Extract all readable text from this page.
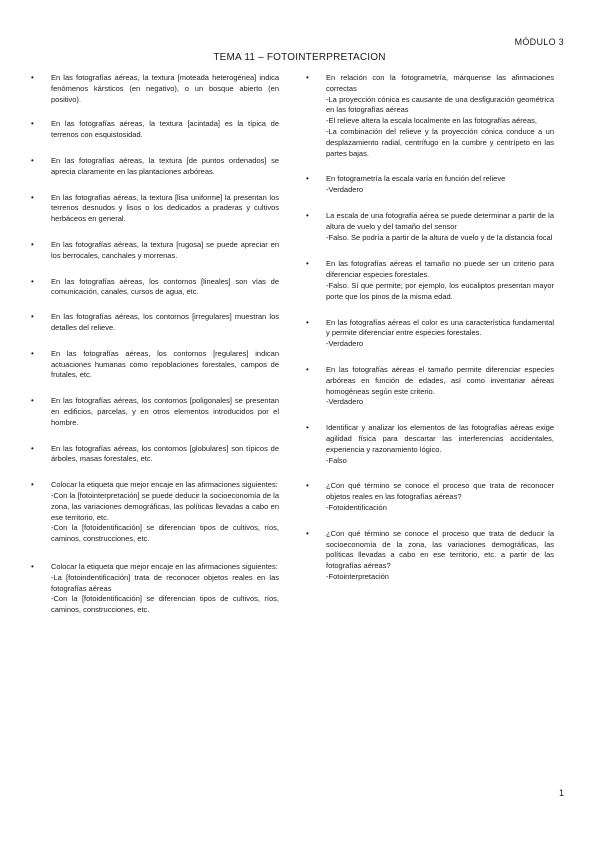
MÓDULO 3
TEMA 11 – FOTOINTERPRETACION
• En las fotografías aéreas, la textura [moteada heterogénea] indica fenómenos kársticos (en negativo), o un bosque abierto (en positivo).
• En las fotografías aéreas, la textura [acintada] es la típica de terrenos con esquistosidad.
• En las fotografías aéreas, la textura [de puntos ordenados] se aprecia claramente en las plantaciones arbóreas.
• En las fotografías aéreas, la textura [lisa uniforme] la presentan los terrenos desnudos y lisos o los dedicados a praderas y cultivos herbáceos en general.
• En las fotografías aéreas, la textura [rugosa] se puede apreciar en los berrocales, canchales y morrenas.
• En las fotografías aéreas, los contornos [lineales] son vías de comunicación, canales, cursos de agua, etc.
• En las fotografías aéreas, los contornos [irregulares] muestran los detalles del relieve.
• En las fotografías aéreas, los contornos [regulares] indican actuaciones humanas como repoblaciones forestales, campos de frutales, etc.
• En las fotografías aéreas, los contornos [poligonales] se presentan en edificios, parcelas, y en otros elementos introducidos por el hombre.
• En las fotografías aéreas, los contornos [globulares] son típicos de árboles, masas forestales, etc.
• Colocar la etiqueta que mejor encaje en las afirmaciones siguientes:
-Con la [fotointerpretación] se puede deducir la socioeconomía de la zona, las variaciones demográficas, las políticas llevadas a cabo en ese territorio, etc.
-Con la [fotoidentificación] se diferencian tipos de cultivos, ríos, caminos, construcciones, etc.
• Colocar la etiqueta que mejor encaje en las afirmaciones siguientes:
-La [fotoindentificación] trata de reconocer objetos reales en las fotografías aéreas
-Con la [fotoidentificación] se diferencian tipos de cultivos, ríos, caminos, construcciones, etc.
• En relación con la fotogrametría, márquense las afirmaciones correctas
-La proyección cónica es causante de una desfiguración geométrica en las fotografías aéreas
-El relieve altera la escala localmente en las fotografías aéreas,
-La combinación del relieve y la proyección cónica conduce a un desplazamiento radial, centrífugo en la cumbre y centrípeto en las partes bajas.
• En fotogrametría la escala varía en función del relieve
-Verdadero
• La escala de una fotografía aérea se puede determinar a partir de la altura de vuelo y del tamaño del sensor
-Falso. Se podría a partir de la altura de vuelo y de la distancia focal
• En las fotografías aéreas el tamaño no puede ser un criterio para diferenciar especies forestales.
-Falso. Sí que permite; por ejemplo, los eucaliptos presentan mayor porte que los pinos de la misma edad.
• En las fotografías aéreas el color es una característica fundamental y permite diferenciar entre especies forestales.
-Verdadero
• En las fotografías aéreas el tamaño permite diferenciar especies arbóreas en función de edades, así como inventariar aéreas homogéneas según este criterio.
-Verdadero
• Identificar y analizar los elementos de las fotografías aéreas exige agilidad física para descartar las interferencias accidentales, experiencia y razonamiento lógico.
-Falso
• ¿Con qué término se conoce el proceso que trata de reconocer objetos reales en las fotografías aéreas?
-Fotoidentificación
• ¿Con qué término se conoce el proceso que trata de deducir la socioeconomía de la zona, las variaciones demográficas, las políticas llevadas a cabo en ese territorio, etc. a partir de las fotografías aéreas?
-Fotointerpretación
1
